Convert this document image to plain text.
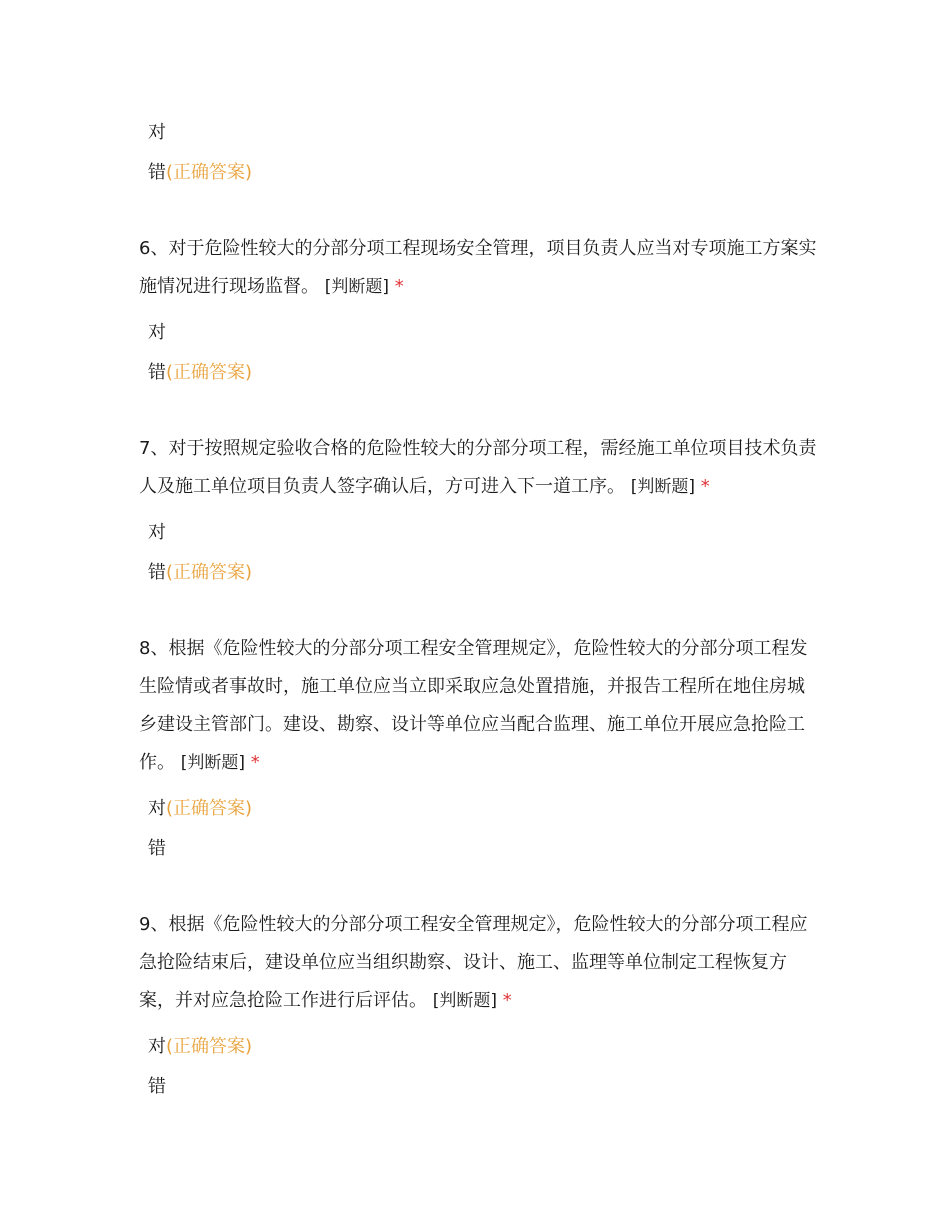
对
错(正确答案)
6、对于危险性较大的分部分项工程现场安全管理，项目负责人应当对专项施工方案实施情况进行现场监督。 [判断题] *
对
错(正确答案)
7、对于按照规定验收合格的危险性较大的分部分项工程，需经施工单位项目技术负责人及施工单位项目负责人签字确认后，方可进入下一道工序。 [判断题] *
对
错(正确答案)
8、根据《危险性较大的分部分项工程安全管理规定》，危险性较大的分部分项工程发生险情或者事故时，施工单位应当立即采取应急处置措施，并报告工程所在地住房城乡建设主管部门。建设、勘察、设计等单位应当配合监理、施工单位开展应急抢险工作。 [判断题] *
对(正确答案)
错
9、根据《危险性较大的分部分项工程安全管理规定》，危险性较大的分部分项工程应急抢险结束后，建设单位应当组织勘察、设计、施工、监理等单位制定工程恢复方案，并对应急抢险工作进行后评估。 [判断题] *
对(正确答案)
错
